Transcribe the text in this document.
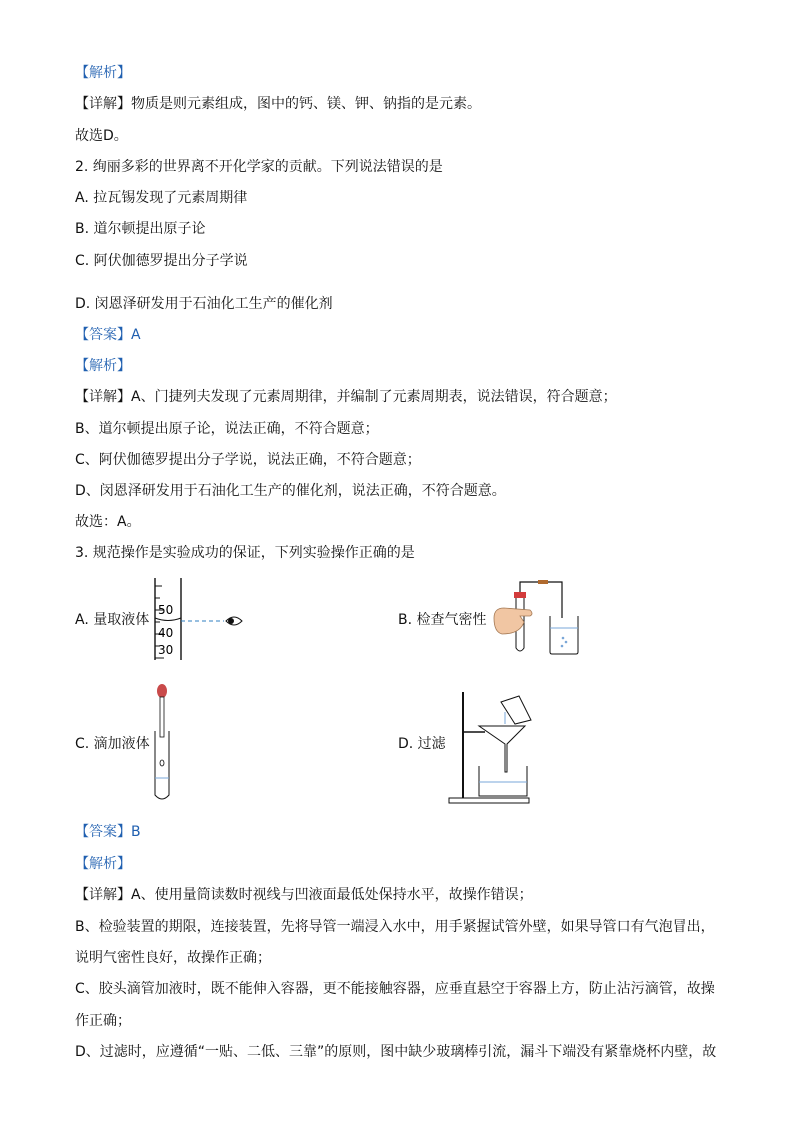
【解析】
【详解】物质是则元素组成，图中的钙、镁、钾、钠指的是元素。
故选D。
2. 绚丽多彩的世界离不开化学家的贡献。下列说法错误的是
A. 拉瓦锡发现了元素周期律
B. 道尔顿提出原子论
C. 阿伏伽德罗提出分子学说
D. 闵恩泽研发用于石油化工生产的催化剂
【答案】A
【解析】
【详解】A、门捷列夫发现了元素周期律，并编制了元素周期表，说法错误，符合题意；
B、道尔顿提出原子论，说法正确，不符合题意；
C、阿伏伽德罗提出分子学说，说法正确，不符合题意；
D、闵恩泽研发用于石油化工生产的催化剂，说法正确，不符合题意。
故选：A。
3. 规范操作是实验成功的保证，下列实验操作正确的是
A. 量取液体	B. 检查气密性
C. 滴加液体	D. 过滤
50
40
30
【答案】B
【解析】
【详解】A、使用量筒读数时视线与凹液面最低处保持水平，故操作错误；
B、检验装置的期限，连接装置，先将导管一端浸入水中，用手紧握试管外壁，如果导管口有气泡冒出，
说明气密性良好，故操作正确；
C、胶头滴管加液时，既不能伸入容器，更不能接触容器，应垂直悬空于容器上方，防止沾污滴管，故操
作正确；
D、过滤时，应遵循“一贴、二低、三靠”的原则，图中缺少玻璃棒引流，漏斗下端没有紧靠烧杯内壁，故
